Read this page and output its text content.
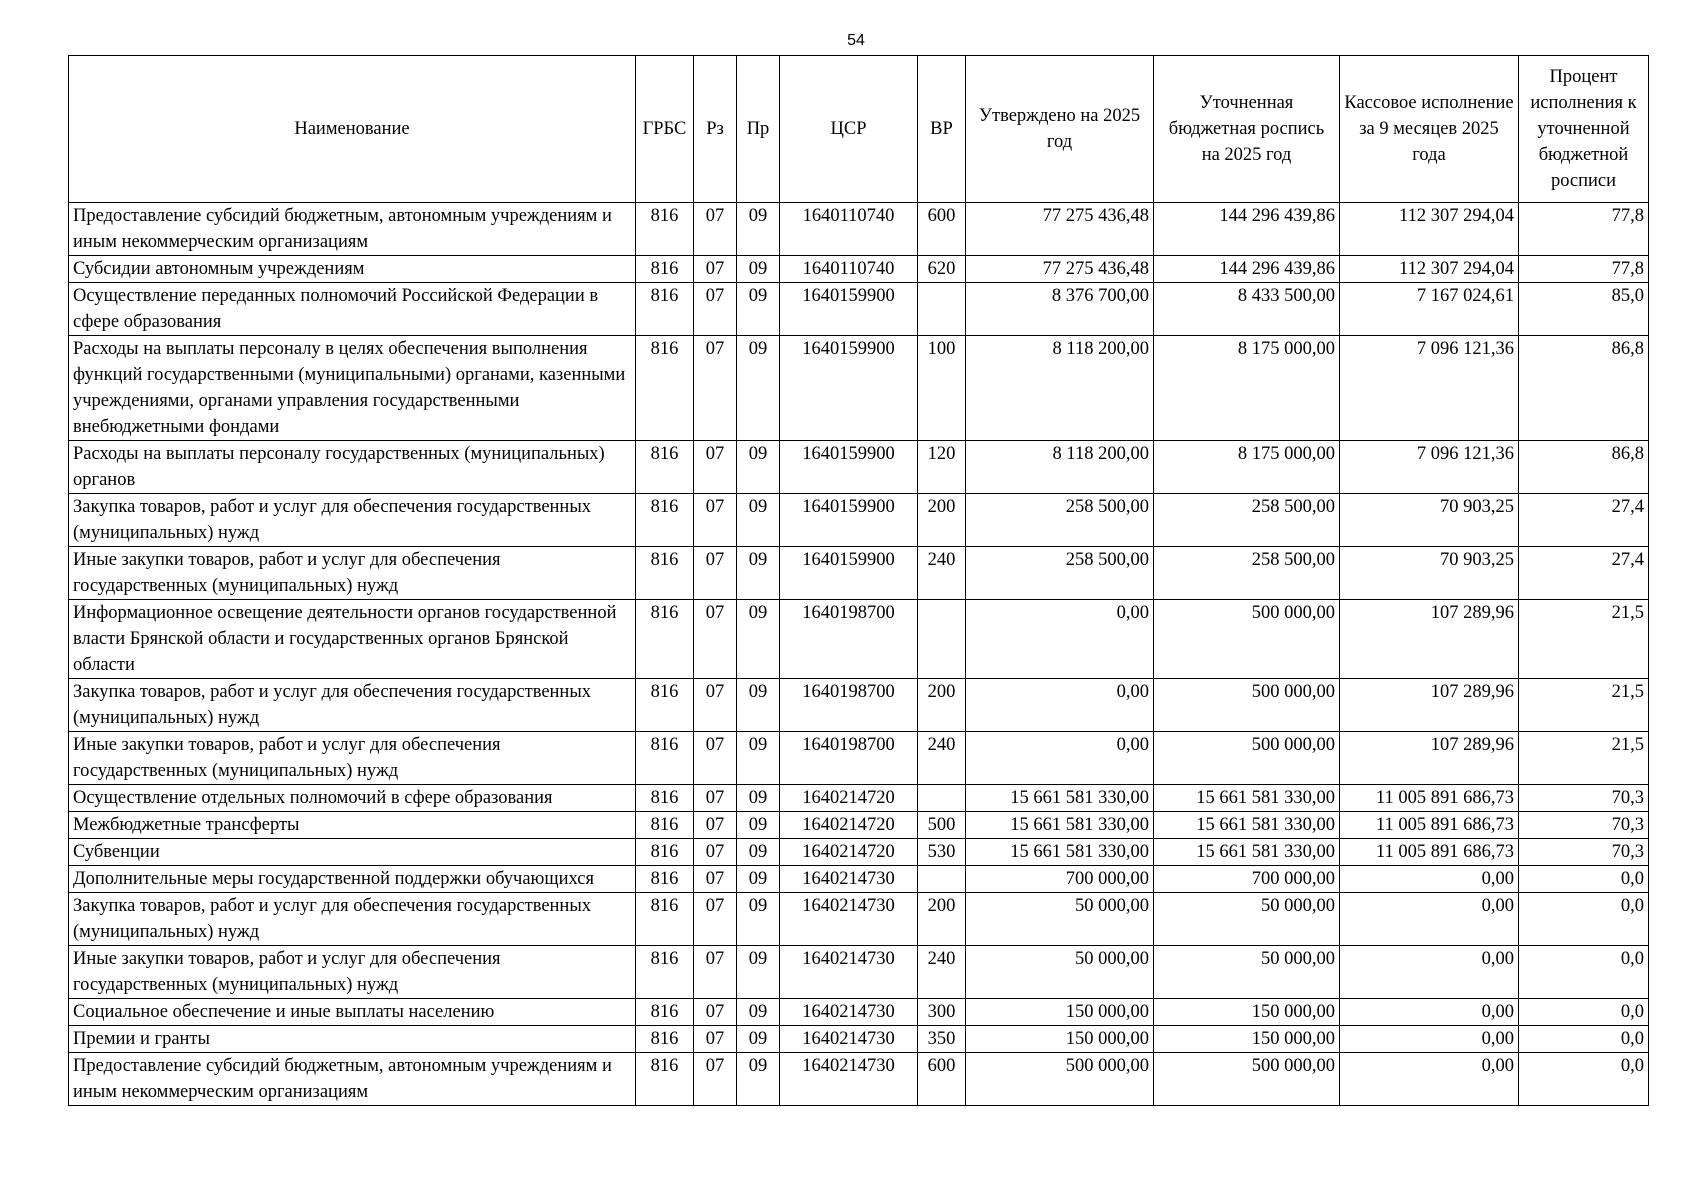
54
Наименование	ГРБС	Рз	Пр	ЦСР	ВР	Утверждено на 2025 год	Уточненная бюджетная роспись на 2025 год	Кассовое исполнение за 9 месяцев 2025 года	Процент исполнения к уточненной бюджетной росписи
Предоставление субсидий бюджетным, автономным учреждениям и иным некоммерческим организациям	816	07	09	1640110740	600	77 275 436,48	144 296 439,86	112 307 294,04	77,8
Субсидии автономным учреждениям	816	07	09	1640110740	620	77 275 436,48	144 296 439,86	112 307 294,04	77,8
Осуществление переданных полномочий Российской Федерации в сфере образования	816	07	09	1640159900		8 376 700,00	8 433 500,00	7 167 024,61	85,0
Расходы на выплаты персоналу в целях обеспечения выполнения функций государственными (муниципальными) органами, казенными учреждениями, органами управления государственными внебюджетными фондами	816	07	09	1640159900	100	8 118 200,00	8 175 000,00	7 096 121,36	86,8
Расходы на выплаты персоналу государственных (муниципальных) органов	816	07	09	1640159900	120	8 118 200,00	8 175 000,00	7 096 121,36	86,8
Закупка товаров, работ и услуг для обеспечения государственных (муниципальных) нужд	816	07	09	1640159900	200	258 500,00	258 500,00	70 903,25	27,4
Иные закупки товаров, работ и услуг для обеспечения государственных (муниципальных) нужд	816	07	09	1640159900	240	258 500,00	258 500,00	70 903,25	27,4
Информационное освещение деятельности органов государственной власти Брянской области и государственных органов Брянской области	816	07	09	1640198700		0,00	500 000,00	107 289,96	21,5
Закупка товаров, работ и услуг для обеспечения государственных (муниципальных) нужд	816	07	09	1640198700	200	0,00	500 000,00	107 289,96	21,5
Иные закупки товаров, работ и услуг для обеспечения государственных (муниципальных) нужд	816	07	09	1640198700	240	0,00	500 000,00	107 289,96	21,5
Осуществление отдельных полномочий в сфере образования	816	07	09	1640214720		15 661 581 330,00	15 661 581 330,00	11 005 891 686,73	70,3
Межбюджетные трансферты	816	07	09	1640214720	500	15 661 581 330,00	15 661 581 330,00	11 005 891 686,73	70,3
Субвенции	816	07	09	1640214720	530	15 661 581 330,00	15 661 581 330,00	11 005 891 686,73	70,3
Дополнительные меры государственной поддержки обучающихся	816	07	09	1640214730		700 000,00	700 000,00	0,00	0,0
Закупка товаров, работ и услуг для обеспечения государственных (муниципальных) нужд	816	07	09	1640214730	200	50 000,00	50 000,00	0,00	0,0
Иные закупки товаров, работ и услуг для обеспечения государственных (муниципальных) нужд	816	07	09	1640214730	240	50 000,00	50 000,00	0,00	0,0
Социальное обеспечение и иные выплаты населению	816	07	09	1640214730	300	150 000,00	150 000,00	0,00	0,0
Премии и гранты	816	07	09	1640214730	350	150 000,00	150 000,00	0,00	0,0
Предоставление субсидий бюджетным, автономным учреждениям и иным некоммерческим организациям	816	07	09	1640214730	600	500 000,00	500 000,00	0,00	0,0
